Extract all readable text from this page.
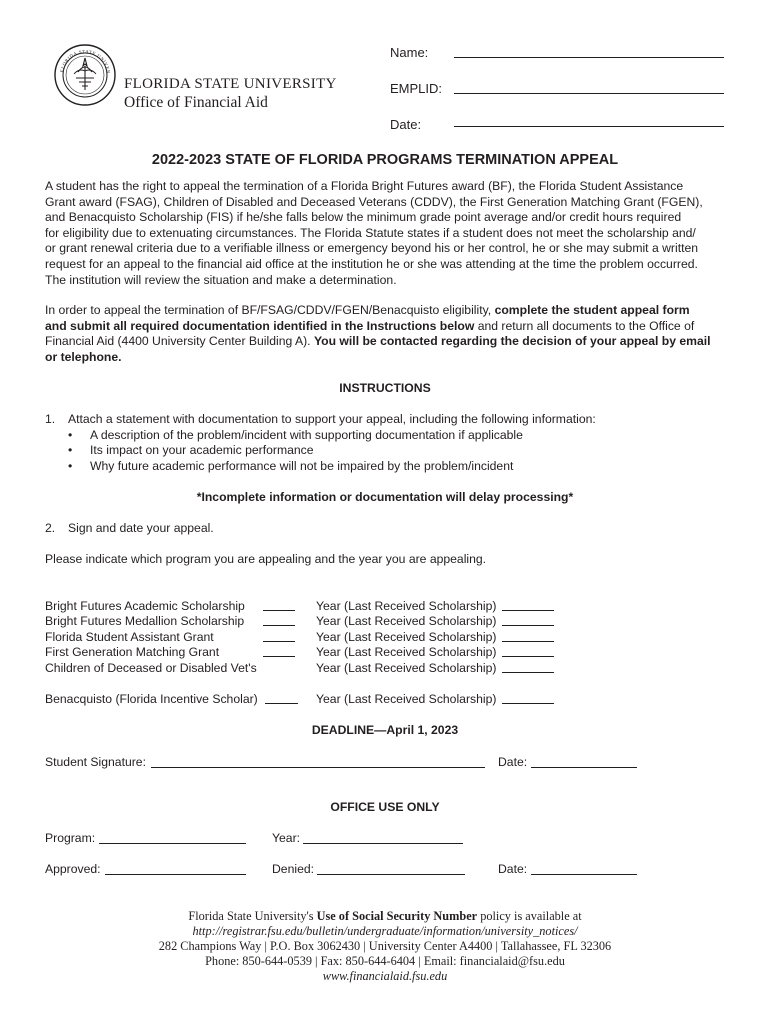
FLORIDA STATE UNIVER
FLORIDA STATE UNIVERSITY
Office of Financial Aid
Name:
EMPLID:
Date:
2022-2023 STATE OF FLORIDA PROGRAMS TERMINATION APPEAL
A student has the right to appeal the termination of a Florida Bright Futures award (BF), the Florida Student Assistance
Grant award (FSAG), Children of Disabled and Deceased Veterans (CDDV), the First Generation Matching Grant (FGEN),
and Benacquisto Scholarship (FIS) if he/she falls below the minimum grade point average and/or credit hours required
for eligibility due to extenuating circumstances. The Florida Statute states if a student does not meet the scholarship and/
or grant renewal criteria due to a verifiable illness or emergency beyond his or her control, he or she may submit a written
request for an appeal to the financial aid office at the institution he or she was attending at the time the problem occurred.
The institution will review the situation and make a determination.
In order to appeal the termination of BF/FSAG/CDDV/FGEN/Benacquisto eligibility, complete the student appeal form
and submit all required documentation identified in the Instructions below and return all documents to the Office of
Financial Aid (4400 University Center Building A). You will be contacted regarding the decision of your appeal by email
or telephone.
INSTRUCTIONS
1. Attach a statement with documentation to support your appeal, including the following information:
• A description of the problem/incident with supporting documentation if applicable
• Its impact on your academic performance
• Why future academic performance will not be impaired by the problem/incident
*Incomplete information or documentation will delay processing*
2. Sign and date your appeal.
Please indicate which program you are appealing and the year you are appealing.
Bright Futures Academic Scholarship	Year (Last Received Scholarship)
Bright Futures Medallion Scholarship	Year (Last Received Scholarship)
Florida Student Assistant Grant	Year (Last Received Scholarship)
First Generation Matching Grant	Year (Last Received Scholarship)
Children of Deceased or Disabled Vet's	Year (Last Received Scholarship)
Benacquisto (Florida Incentive Scholar)	Year (Last Received Scholarship)
DEADLINE—April 1, 2023
Student Signature:	Date:
OFFICE USE ONLY
Program:	Year:
Approved:	Denied:	Date:
Florida State University's Use of Social Security Number policy is available at
http://registrar.fsu.edu/bulletin/undergraduate/information/university_notices/
282 Champions Way | P.O. Box 3062430 | University Center A4400 | Tallahassee, FL 32306
Phone: 850-644-0539 | Fax: 850-644-6404 | Email: financialaid@fsu.edu
www.financialaid.fsu.edu
